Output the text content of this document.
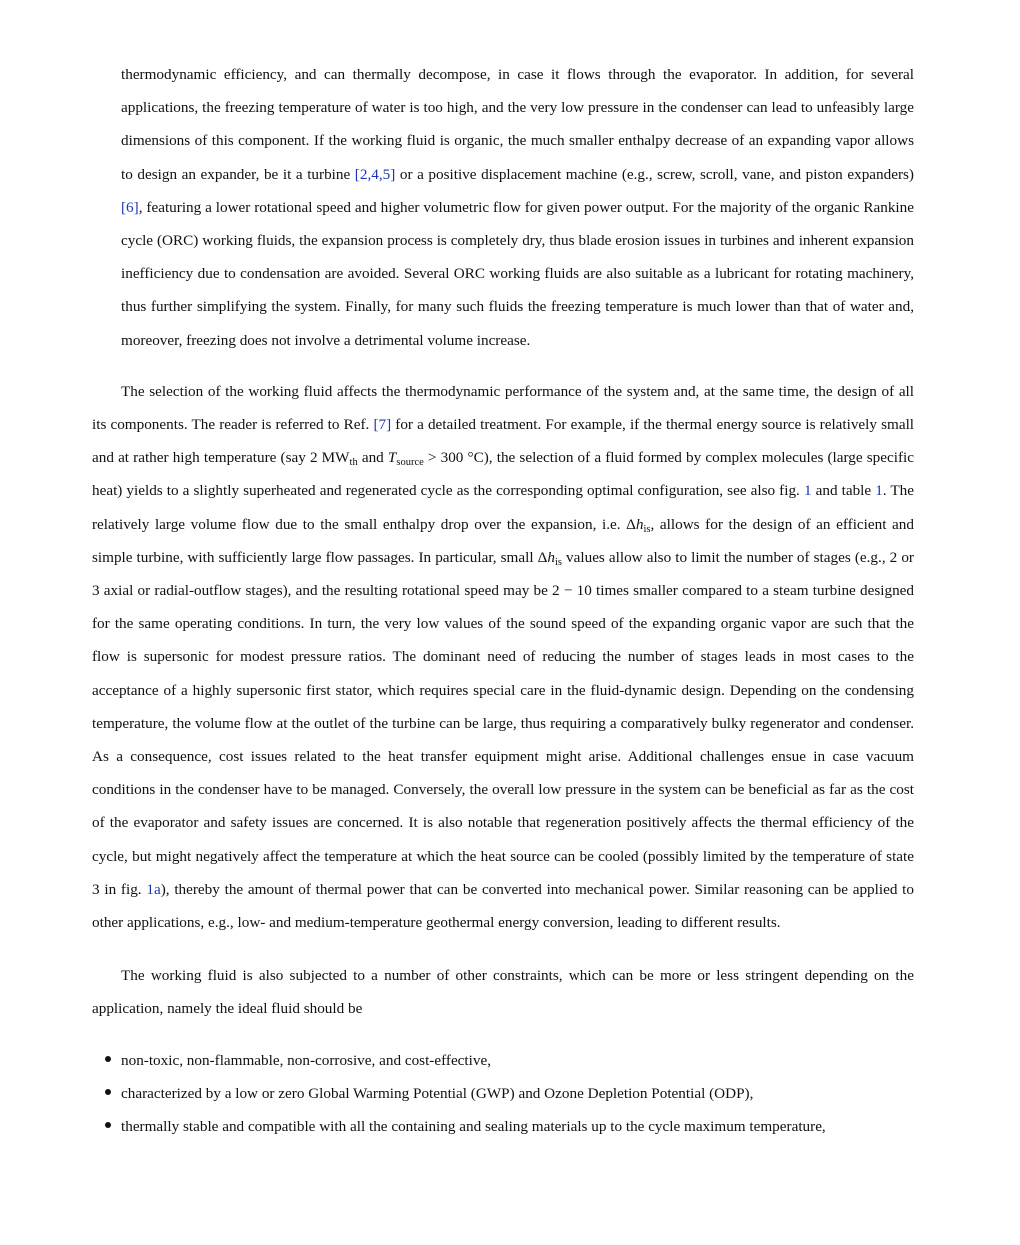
thermodynamic efficiency, and can thermally decompose, in case it flows through the evaporator. In addition, for several applications, the freezing temperature of water is too high, and the very low pressure in the condenser can lead to unfeasibly large dimensions of this component. If the working fluid is organic, the much smaller enthalpy decrease of an expanding vapor allows to design an expander, be it a turbine [2,4,5] or a positive displacement machine (e.g., screw, scroll, vane, and piston expanders) [6], featuring a lower rotational speed and higher volumetric flow for given power output. For the majority of the organic Rankine cycle (ORC) working fluids, the expansion process is completely dry, thus blade erosion issues in turbines and inherent expansion inefficiency due to condensation are avoided. Several ORC working fluids are also suitable as a lubricant for rotating machinery, thus further simplifying the system. Finally, for many such fluids the freezing temperature is much lower than that of water and, moreover, freezing does not involve a detrimental volume increase.

The selection of the working fluid affects the thermodynamic performance of the system and, at the same time, the design of all its components. The reader is referred to Ref. [7] for a detailed treatment. For example, if the thermal energy source is relatively small and at rather high temperature (say 2 $MW_{th}$ and $T_{source} > 300$ °C), the selection of a fluid formed by complex molecules (large specific heat) yields to a slightly superheated and regenerated cycle as the corresponding optimal configuration, see also fig. 1 and table 1. The relatively large volume flow due to the small enthalpy drop over the expansion, i.e. $\Delta h_{is}$, allows for the design of an efficient and simple turbine, with sufficiently large flow passages. In particular, small $\Delta h_{is}$ values allow also to limit the number of stages (e.g., 2 or 3 axial or radial-outflow stages), and the resulting rotational speed may be 2 − 10 times smaller compared to a steam turbine designed for the same operating conditions. In turn, the very low values of the sound speed of the expanding organic vapor are such that the flow is supersonic for modest pressure ratios. The dominant need of reducing the number of stages leads in most cases to the acceptance of a highly supersonic first stator, which requires special care in the fluid-dynamic design. Depending on the condensing temperature, the volume flow at the outlet of the turbine can be large, thus requiring a comparatively bulky regenerator and condenser. As a consequence, cost issues related to the heat transfer equipment might arise. Additional challenges ensue in case vacuum conditions in the condenser have to be managed. Conversely, the overall low pressure in the system can be beneficial as far as the cost of the evaporator and safety issues are concerned. It is also notable that regeneration positively affects the thermal efficiency of the cycle, but might negatively affect the temperature at which the heat source can be cooled (possibly limited by the temperature of state 3 in fig. 1a), thereby the amount of thermal power that can be converted into mechanical power. Similar reasoning can be applied to other applications, e.g., low- and medium-temperature geothermal energy conversion, leading to different results.

The working fluid is also subjected to a number of other constraints, which can be more or less stringent depending on the application, namely the ideal fluid should be

non-toxic, non-flammable, non-corrosive, and cost-effective,
characterized by a low or zero Global Warming Potential (GWP) and Ozone Depletion Potential (ODP),
thermally stable and compatible with all the containing and sealing materials up to the cycle maximum temperature,
